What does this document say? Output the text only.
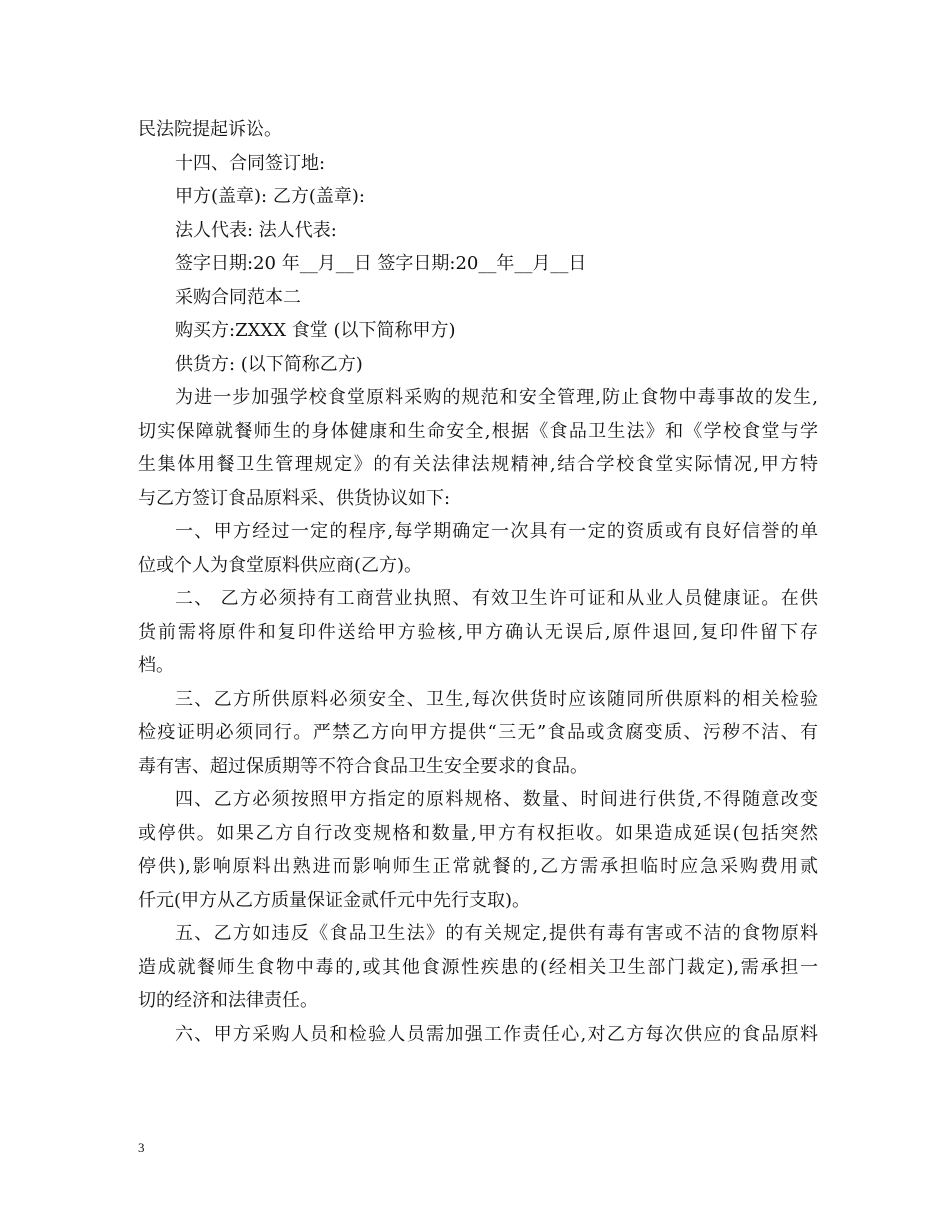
民法院提起诉讼。
十四、合同签订地:
甲方(盖章): 乙方(盖章):
法人代表: 法人代表:
签字日期:20 年__月__日 签字日期:20__年__月__日
采购合同范本二
购买方:ZXXX 食堂 (以下简称甲方)
供货方: (以下简称乙方)
为进一步加强学校食堂原料采购的规范和安全管理,防止食物中毒事故的发生,
切实保障就餐师生的身体健康和生命安全,根据《食品卫生法》和《学校食堂与学
生集体用餐卫生管理规定》的有关法律法规精神,结合学校食堂实际情况,甲方特
与乙方签订食品原料采、供货协议如下:
一、甲方经过一定的程序,每学期确定一次具有一定的资质或有良好信誉的单
位或个人为食堂原料供应商(乙方)。
二、 乙方必须持有工商营业执照、有效卫生许可证和从业人员健康证。在供
货前需将原件和复印件送给甲方验核,甲方确认无误后,原件退回,复印件留下存
档。
三、乙方所供原料必须安全、卫生,每次供货时应该随同所供原料的相关检验
检疫证明必须同行。严禁乙方向甲方提供“三无”食品或贪腐变质、污秽不洁、有
毒有害、超过保质期等不符合食品卫生安全要求的食品。
四、乙方必须按照甲方指定的原料规格、数量、时间进行供货,不得随意改变
或停供。如果乙方自行改变规格和数量,甲方有权拒收。如果造成延误(包括突然
停供),影响原料出熟进而影响师生正常就餐的,乙方需承担临时应急采购费用贰
仟元(甲方从乙方质量保证金贰仟元中先行支取)。
五、乙方如违反《食品卫生法》的有关规定,提供有毒有害或不洁的食物原料
造成就餐师生食物中毒的,或其他食源性疾患的(经相关卫生部门裁定),需承担一
切的经济和法律责任。
六、甲方采购人员和检验人员需加强工作责任心,对乙方每次供应的食品原料
3
